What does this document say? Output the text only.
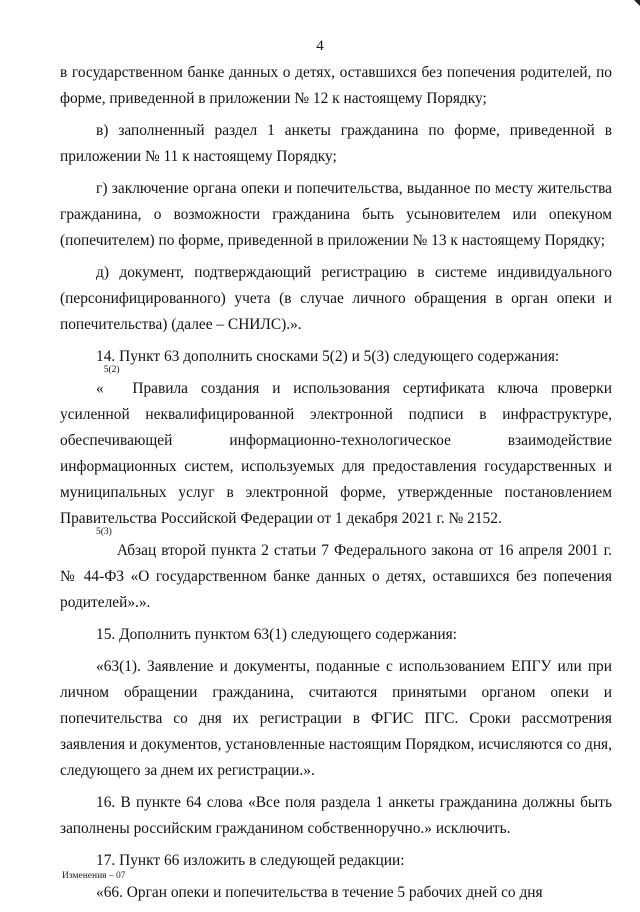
4

в государственном банке данных о детях, оставшихся без попечения родителей, по форме, приведенной в приложении № 12 к настоящему Порядку;

в) заполненный раздел 1 анкеты гражданина по форме, приведенной в приложении № 11 к настоящему Порядку;

г) заключение органа опеки и попечительства, выданное по месту жительства гражданина, о возможности гражданина быть усыновителем или опекуном (попечителем) по форме, приведенной в приложении № 13 к настоящему Порядку;

д) документ, подтверждающий регистрацию в системе индивидуального (персонифицированного) учета (в случае личного обращения в орган опеки и попечительства) (далее – СНИЛС).».

14. Пункт 63 дополнить сносками 5(2) и 5(3) следующего содержания:

«$^{5(2)}$ Правила создания и использования сертификата ключа проверки усиленной неквалифицированной электронной подписи в инфраструктуре, обеспечивающей информационно-технологическое взаимодействие информационных систем, используемых для предоставления государственных и муниципальных услуг в электронной форме, утвержденные постановлением Правительства Российской Федерации от 1 декабря 2021 г. № 2152.

$^{5(3)}$ Абзац второй пункта 2 статьи 7 Федерального закона от 16 апреля 2001 г. № 44-ФЗ «О государственном банке данных о детях, оставшихся без попечения родителей».».

15. Дополнить пунктом 63(1) следующего содержания:

«63(1). Заявление и документы, поданные с использованием ЕПГУ или при личном обращении гражданина, считаются принятыми органом опеки и попечительства со дня их регистрации в ФГИС ПГС. Сроки рассмотрения заявления и документов, установленные настоящим Порядком, исчисляются со дня, следующего за днем их регистрации.».

16. В пункте 64 слова «Все поля раздела 1 анкеты гражданина должны быть заполнены российским гражданином собственноручно.» исключить.

17. Пункт 66 изложить в следующей редакции:

«66. Орган опеки и попечительства в течение 5 рабочих дней со дня

Изменения – 07
